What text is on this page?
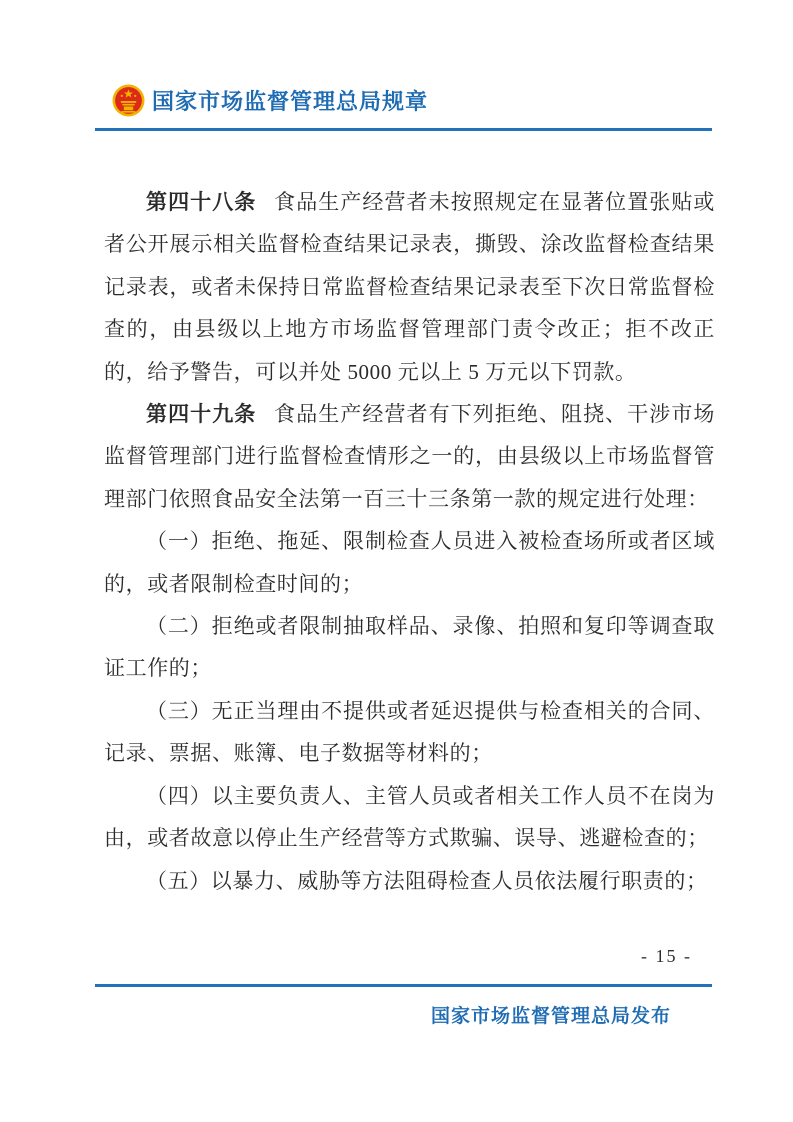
国家市场监督管理总局规章

第四十八条 食品生产经营者未按照规定在显著位置张贴或者公开展示相关监督检查结果记录表，撕毁、涂改监督检查结果记录表，或者未保持日常监督检查结果记录表至下次日常监督检查的，由县级以上地方市场监督管理部门责令改正；拒不改正的，给予警告，可以并处 5000 元以上 5 万元以下罚款。

第四十九条 食品生产经营者有下列拒绝、阻挠、干涉市场监督管理部门进行监督检查情形之一的，由县级以上市场监督管理部门依照食品安全法第一百三十三条第一款的规定进行处理：

（一）拒绝、拖延、限制检查人员进入被检查场所或者区域的，或者限制检查时间的；

（二）拒绝或者限制抽取样品、录像、拍照和复印等调查取证工作的；

（三）无正当理由不提供或者延迟提供与检查相关的合同、记录、票据、账簿、电子数据等材料的；

（四）以主要负责人、主管人员或者相关工作人员不在岗为由，或者故意以停止生产经营等方式欺骗、误导、逃避检查的；

（五）以暴力、威胁等方法阻碍检查人员依法履行职责的；

- 15 -
国家市场监督管理总局发布
